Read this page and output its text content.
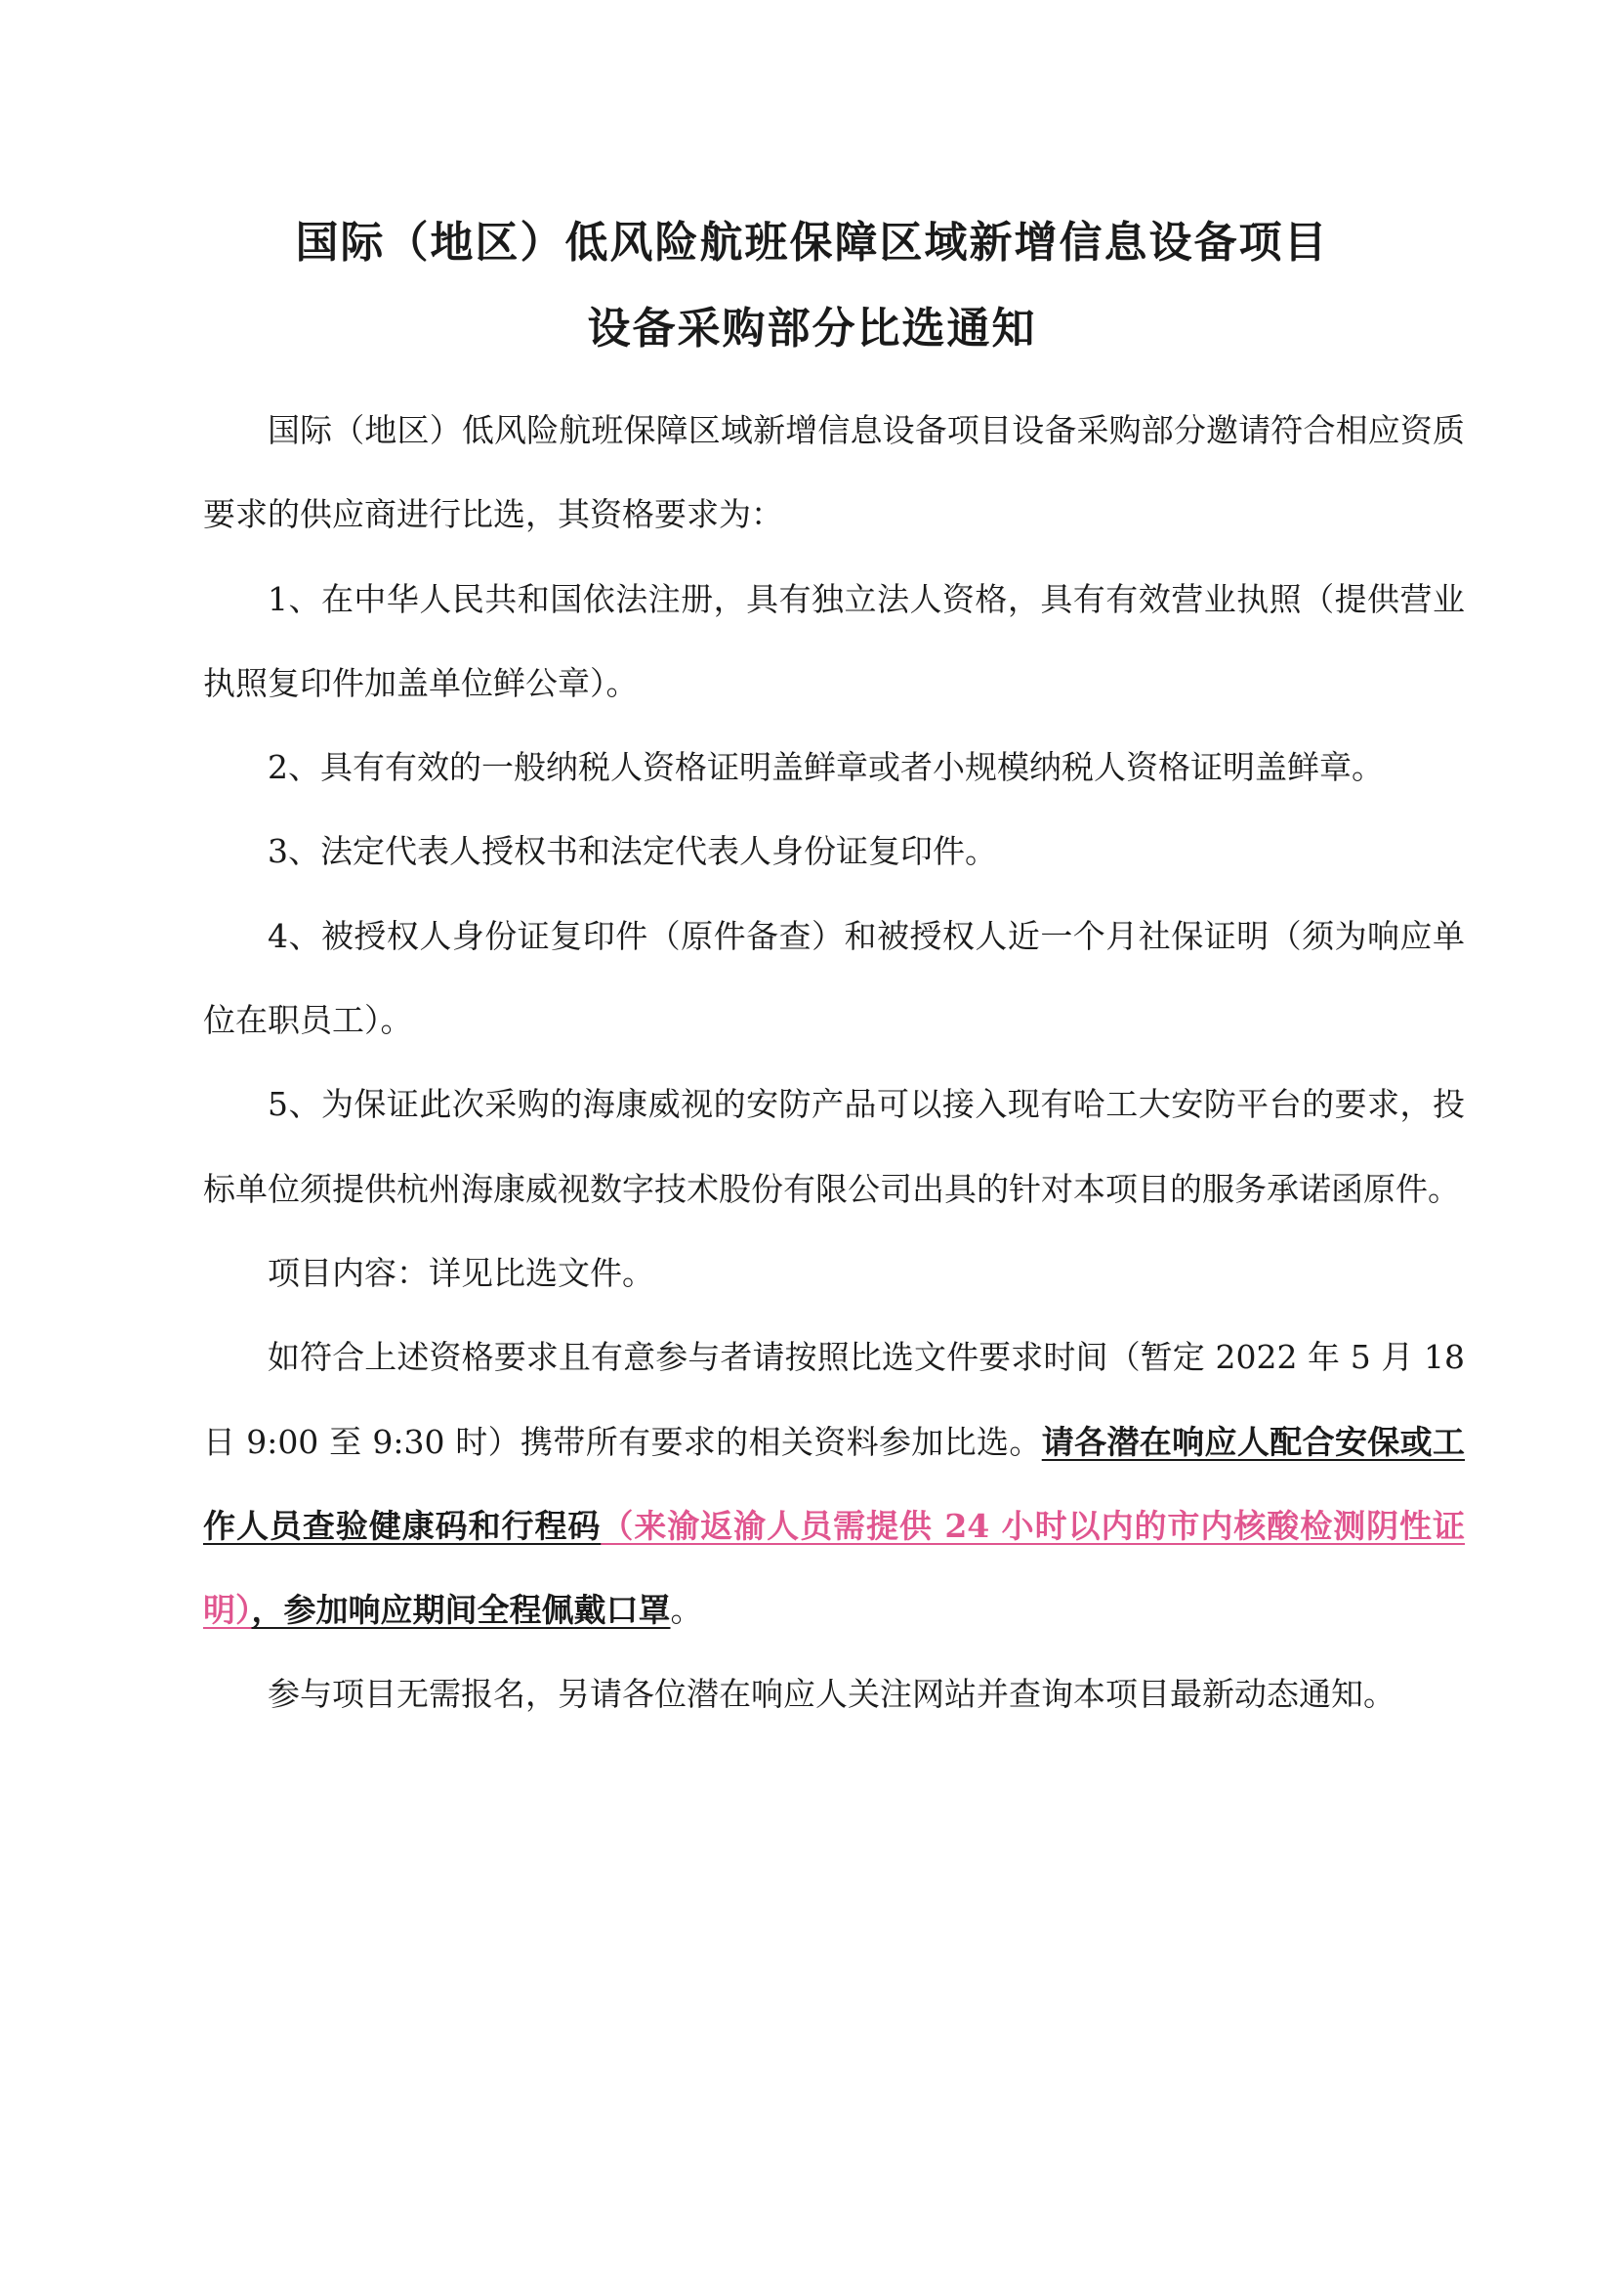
国际（地区）低风险航班保障区域新增信息设备项目
设备采购部分比选通知

国际（地区）低风险航班保障区域新增信息设备项目设备采购部分邀请符合相应资质要求的供应商进行比选，其资格要求为：

1、在中华人民共和国依法注册，具有独立法人资格，具有有效营业执照（提供营业执照复印件加盖单位鲜公章）。

2、具有有效的一般纳税人资格证明盖鲜章或者小规模纳税人资格证明盖鲜章。

3、法定代表人授权书和法定代表人身份证复印件。

4、被授权人身份证复印件（原件备查）和被授权人近一个月社保证明（须为响应单位在职员工）。

5、为保证此次采购的海康威视的安防产品可以接入现有哈工大安防平台的要求，投标单位须提供杭州海康威视数字技术股份有限公司出具的针对本项目的服务承诺函原件。

项目内容：详见比选文件。

如符合上述资格要求且有意参与者请按照比选文件要求时间（暂定 2022 年 5 月 18 日 9:00 至 9:30 时）携带所有要求的相关资料参加比选。请各潜在响应人配合安保或工作人员查验健康码和行程码（来渝返渝人员需提供 24 小时以内的市内核酸检测阴性证明），参加响应期间全程佩戴口罩。

参与项目无需报名，另请各位潜在响应人关注网站并查询本项目最新动态通知。
